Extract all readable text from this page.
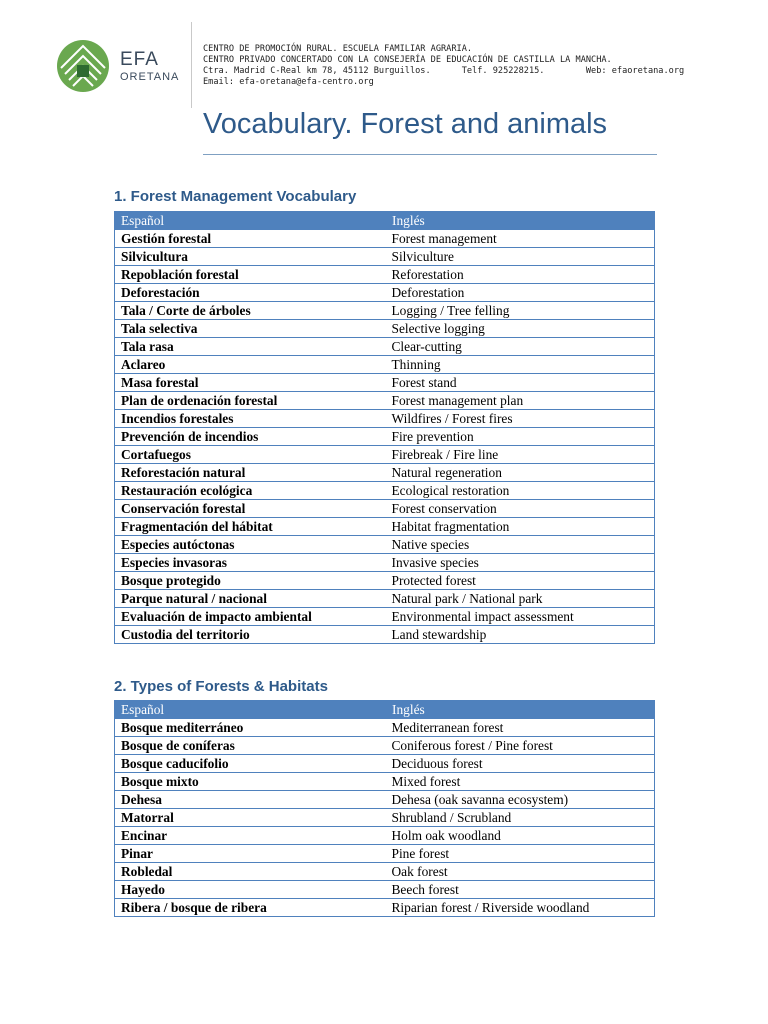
EFA
ORETANA
CENTRO DE PROMOCIÓN RURAL. ESCUELA FAMILIAR AGRARIA.
CENTRO PRIVADO CONCERTADO CON LA CONSEJERÍA DE EDUCACIÓN DE CASTILLA LA MANCHA.
Ctra. Madrid C-Real km 78, 45112 Burguillos.      Telf. 925228215.        Web: efaoretana.org
Email: efa-oretana@efa-centro.org
Vocabulary. Forest and animals
1. Forest Management Vocabulary
Español	Inglés
Gestión forestal	Forest management
Silvicultura	Silviculture
Repoblación forestal	Reforestation
Deforestación	Deforestation
Tala / Corte de árboles	Logging / Tree felling
Tala selectiva	Selective logging
Tala rasa	Clear-cutting
Aclareo	Thinning
Masa forestal	Forest stand
Plan de ordenación forestal	Forest management plan
Incendios forestales	Wildfires / Forest fires
Prevención de incendios	Fire prevention
Cortafuegos	Firebreak / Fire line
Reforestación natural	Natural regeneration
Restauración ecológica	Ecological restoration
Conservación forestal	Forest conservation
Fragmentación del hábitat	Habitat fragmentation
Especies autóctonas	Native species
Especies invasoras	Invasive species
Bosque protegido	Protected forest
Parque natural / nacional	Natural park / National park
Evaluación de impacto ambiental	Environmental impact assessment
Custodia del territorio	Land stewardship
2. Types of Forests & Habitats
Español	Inglés
Bosque mediterráneo	Mediterranean forest
Bosque de coníferas	Coniferous forest / Pine forest
Bosque caducifolio	Deciduous forest
Bosque mixto	Mixed forest
Dehesa	Dehesa (oak savanna ecosystem)
Matorral	Shrubland / Scrubland
Encinar	Holm oak woodland
Pinar	Pine forest
Robledal	Oak forest
Hayedo	Beech forest
Ribera / bosque de ribera	Riparian forest / Riverside woodland
